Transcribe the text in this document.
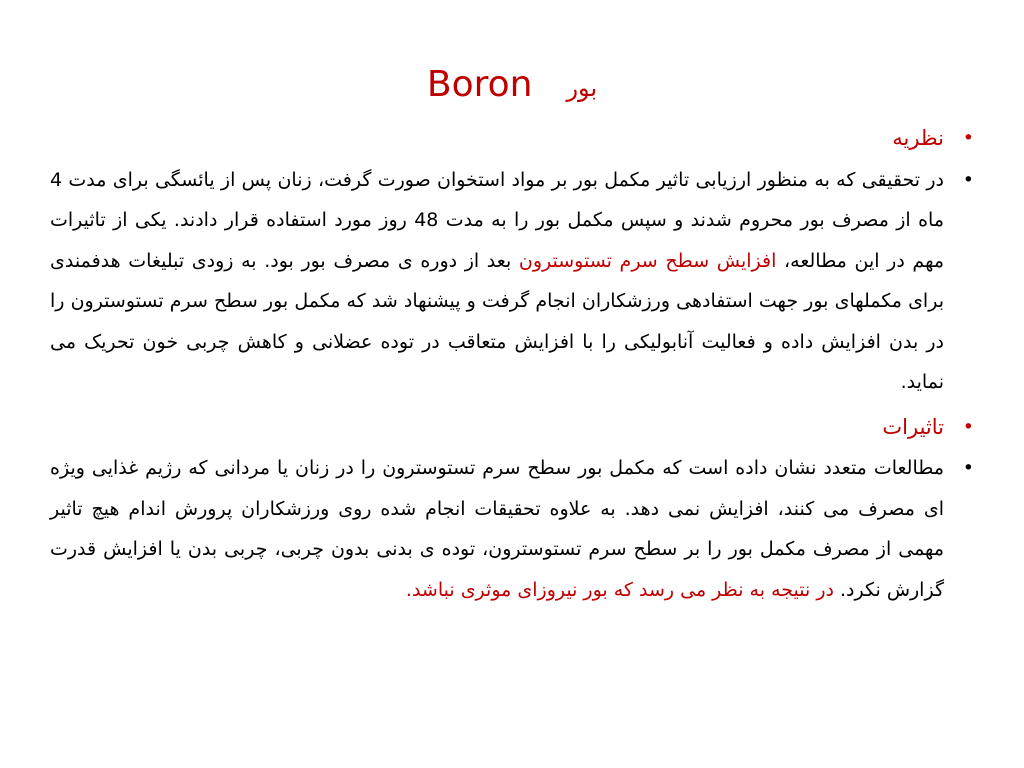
Boron بور
•
نظریه
•
در تحقیقی که به منظور ارزیابی تاثیر مکمل بور بر مواد استخوان صورت گرفت، زنان پس از یائسگی برای مدت 4 ماه از مصرف بور محروم شدند و سپس مکمل بور را به مدت 48 روز مورد استفاده قرار دادند. یکی از تاثیرات مهم در این مطالعه، افزایش سطح سرم تستوسترون بعد از دوره ی مصرف بور بود. به زودی تبلیغات هدفمندی برای مکملهای بور جهت استفادهی ورزشکاران انجام گرفت و پیشنهاد شد که مکمل بور سطح سرم تستوسترون را در بدن افزایش داده و فعالیت آنابولیکی را با افزایش متعاقب در توده عضلانی و کاهش چربی خون تحریک می نماید.
•
تاثیرات
•
مطالعات متعدد نشان داده است که مکمل بور سطح سرم تستوسترون را در زنان یا مردانی که رژیم غذایی ویژه ای مصرف می کنند، افزایش نمی دهد. به علاوه تحقیقات انجام شده روی ورزشکاران پرورش اندام هیچ تاثیر مهمی از مصرف مکمل بور را بر سطح سرم تستوسترون، توده ی بدنی بدون چربی، چربی بدن یا افزایش قدرت گزارش نکرد. در نتیجه به نظر می رسد که بور نیروزای موثری نباشد.
